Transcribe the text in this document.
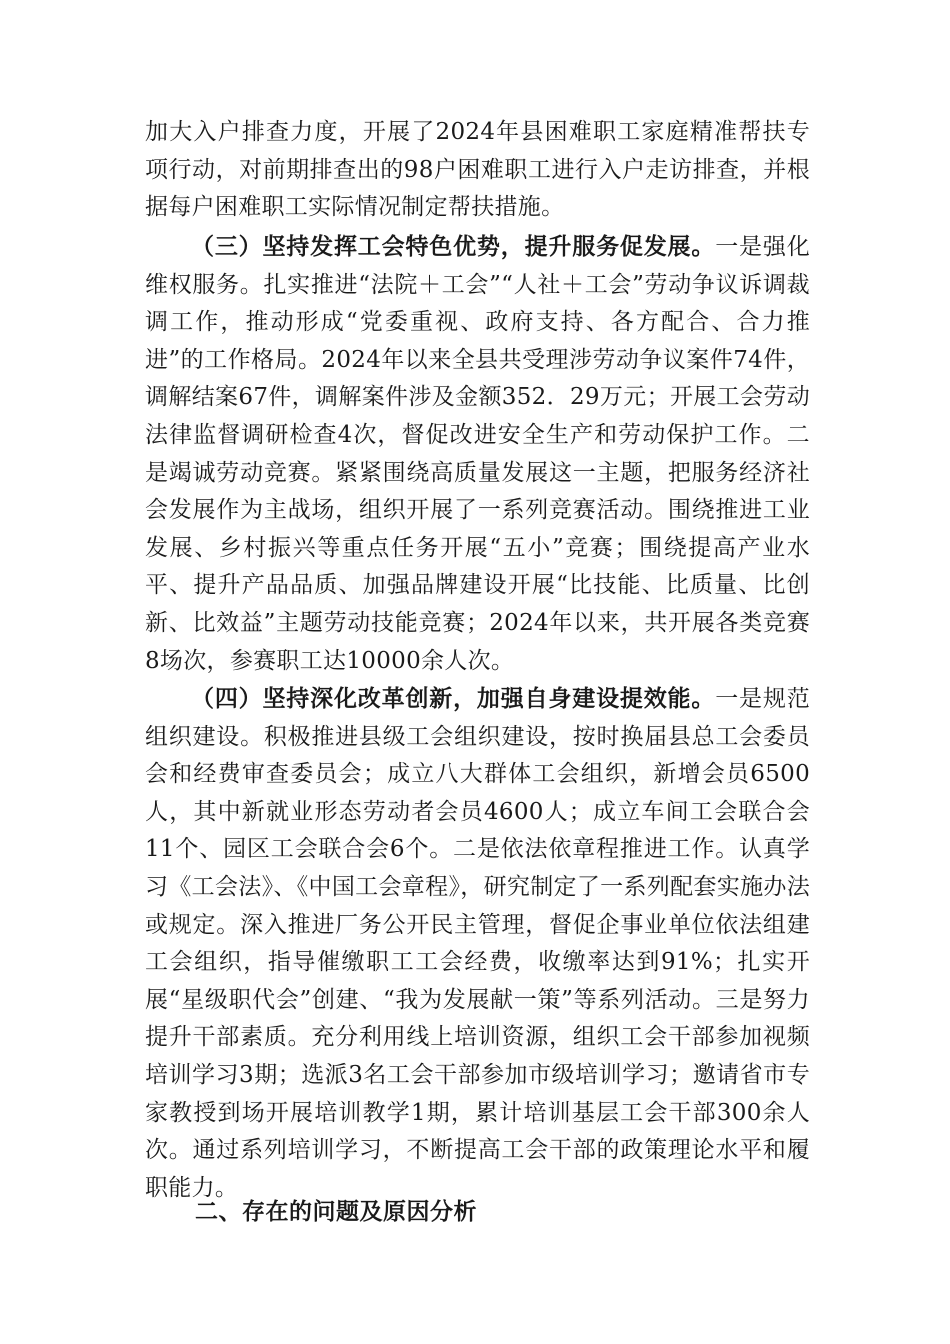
加大入户排查力度，开展了2024年县困难职工家庭精准帮扶专项行动，对前期排查出的98户困难职工进行入户走访排查，并根据每户困难职工实际情况制定帮扶措施。

（三）坚持发挥工会特色优势，提升服务促发展。一是强化维权服务。扎实推进“法院＋工会”“人社＋工会”劳动争议诉调裁调工作，推动形成“党委重视、政府支持、各方配合、合力推进”的工作格局。2024年以来全县共受理涉劳动争议案件74件，调解结案67件，调解案件涉及金额352．29万元；开展工会劳动法律监督调研检查4次，督促改进安全生产和劳动保护工作。二是竭诚劳动竞赛。紧紧围绕高质量发展这一主题，把服务经济社会发展作为主战场，组织开展了一系列竞赛活动。围绕推进工业发展、乡村振兴等重点任务开展“五小”竞赛；围绕提高产业水平、提升产品品质、加强品牌建设开展“比技能、比质量、比创新、比效益”主题劳动技能竞赛；2024年以来，共开展各类竞赛8场次，参赛职工达10000余人次。

（四）坚持深化改革创新，加强自身建设提效能。一是规范组织建设。积极推进县级工会组织建设，按时换届县总工会委员会和经费审查委员会；成立八大群体工会组织，新增会员6500人，其中新就业形态劳动者会员4600人；成立车间工会联合会11个、园区工会联合会6个。二是依法依章程推进工作。认真学习《工会法》、《中国工会章程》，研究制定了一系列配套实施办法或规定。深入推进厂务公开民主管理，督促企事业单位依法组建工会组织，指导催缴职工工会经费，收缴率达到91%；扎实开展“星级职代会”创建、“我为发展献一策”等系列活动。三是努力提升干部素质。充分利用线上培训资源，组织工会干部参加视频培训学习3期；选派3名工会干部参加市级培训学习；邀请省市专家教授到场开展培训教学1期，累计培训基层工会干部300余人次。通过系列培训学习，不断提高工会干部的政策理论水平和履职能力。

二、存在的问题及原因分析
